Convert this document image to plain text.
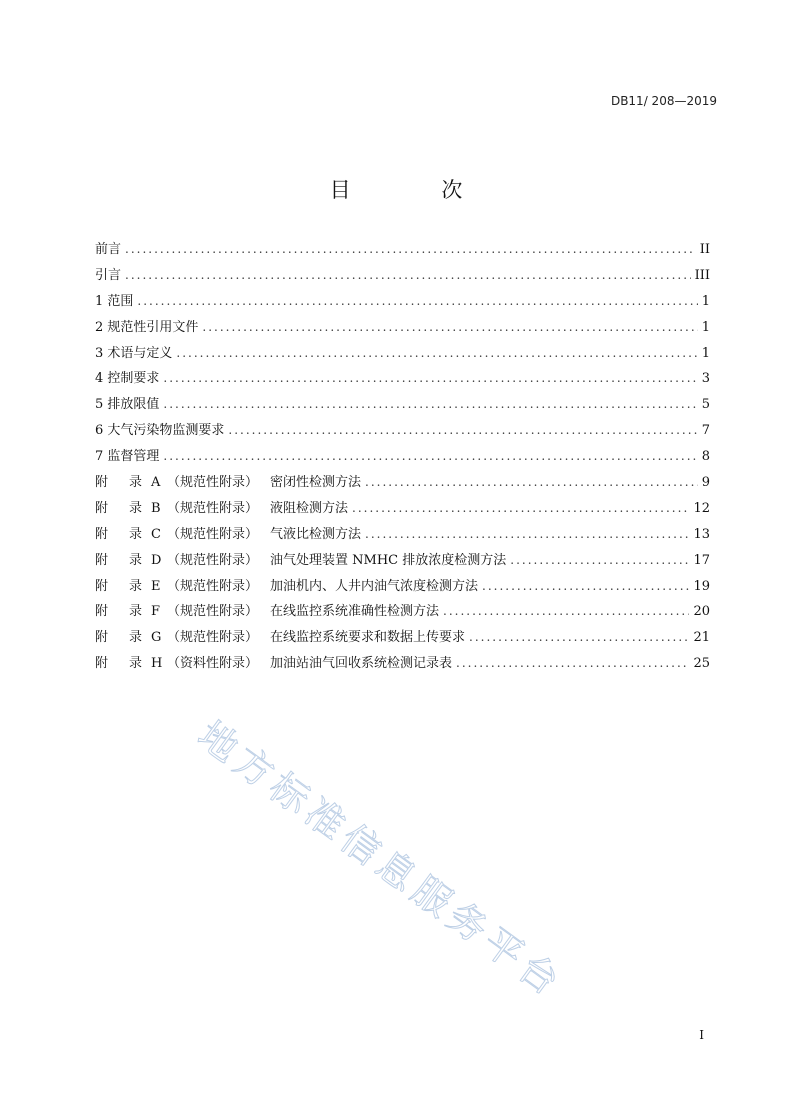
DB11/ 208—2019
目 次
前言 .....	II
引言 .....	III
1 范围 .....	1
2 规范性引用文件 .....	1
3 术语与定义 .....	1
4 控制要求 .....	3
5 排放限值 .....	5
6 大气污染物监测要求 .....	7
7 监督管理 .....	8
附 录 A （规范性附录） 密闭性检测方法 .....	9
附 录 B （规范性附录） 液阻检测方法 .....	12
附 录 C （规范性附录） 气液比检测方法 .....	13
附 录 D （规范性附录） 油气处理装置 NMHC 排放浓度检测方法 .....	17
附 录 E （规范性附录） 加油机内、人井内油气浓度检测方法 .....	19
附 录 F （规范性附录） 在线监控系统准确性检测方法 .....	20
附 录 G （规范性附录） 在线监控系统要求和数据上传要求 .....	21
附 录 H （资料性附录） 加油站油气回收系统检测记录表 .....	25
地方标准信息服务平台
I
